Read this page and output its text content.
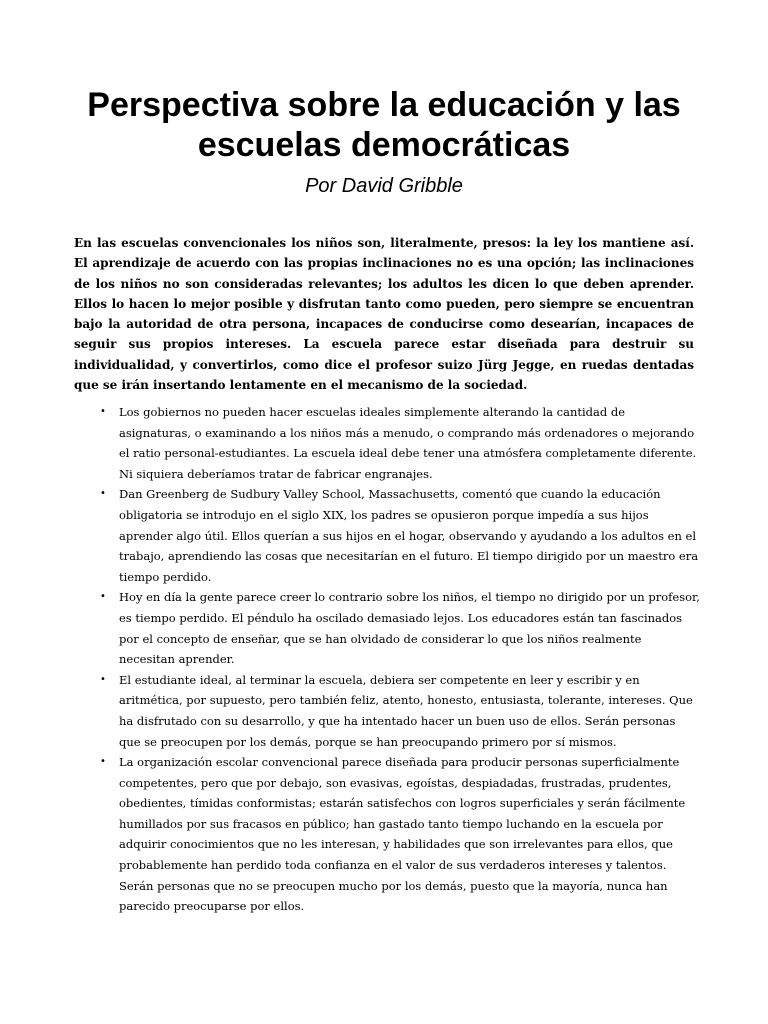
Perspectiva sobre la educación y las escuelas democráticas

Por David Gribble

En las escuelas convencionales los niños son, literalmente, presos: la ley los mantiene así. El aprendizaje de acuerdo con las propias inclinaciones no es una opción; las inclinaciones de los niños no son consideradas relevantes; los adultos les dicen lo que deben aprender. Ellos lo hacen lo mejor posible y disfrutan tanto como pueden, pero siempre se encuentran bajo la autoridad de otra persona, incapaces de conducirse como desearían, incapaces de seguir sus propios intereses. La escuela parece estar diseñada para destruir su individualidad, y convertirlos, como dice el profesor suizo Jürg Jegge, en ruedas dentadas que se irán insertando lentamente en el mecanismo de la sociedad.

•	Los gobiernos no pueden hacer escuelas ideales simplemente alterando la cantidad de asignaturas, o examinando a los niños más a menudo, o comprando más ordenadores o mejorando el ratio personal-estudiantes. La escuela ideal debe tener una atmósfera completamente diferente. Ni siquiera deberíamos tratar de fabricar engranajes.
•	Dan Greenberg de Sudbury Valley School, Massachusetts, comentó que cuando la educación obligatoria se introdujo en el siglo XIX, los padres se opusieron porque impedía a sus hijos aprender algo útil. Ellos querían a sus hijos en el hogar, observando y ayudando a los adultos en el trabajo, aprendiendo las cosas que necesitarían en el futuro. El tiempo dirigido por un maestro era tiempo perdido.
•	Hoy en día la gente parece creer lo contrario sobre los niños, el tiempo no dirigido por un profesor, es tiempo perdido. El péndulo ha oscilado demasiado lejos. Los educadores están tan fascinados por el concepto de enseñar, que se han olvidado de considerar lo que los niños realmente necesitan aprender.
•	El estudiante ideal, al terminar la escuela, debiera ser competente en leer y escribir y en aritmética, por supuesto, pero también feliz, atento, honesto, entusiasta, tolerante, intereses. Que ha disfrutado con su desarrollo, y que ha intentado hacer un buen uso de ellos. Serán personas que se preocupen por los demás, porque se han preocupando primero por sí mismos.
•	La organización escolar convencional parece diseñada para producir personas superficialmente competentes, pero que por debajo, son evasivas, egoístas, despiadadas, frustradas, prudentes, obedientes, tímidas conformistas; estarán satisfechos con logros superficiales y serán fácilmente humillados por sus fracasos en público; han gastado tanto tiempo luchando en la escuela por adquirir conocimientos que no les interesan, y habilidades que son irrelevantes para ellos, que probablemente han perdido toda confianza en el valor de sus verdaderos intereses y talentos. Serán personas que no se preocupen mucho por los demás, puesto que la mayoría, nunca han parecido preocuparse por ellos.
